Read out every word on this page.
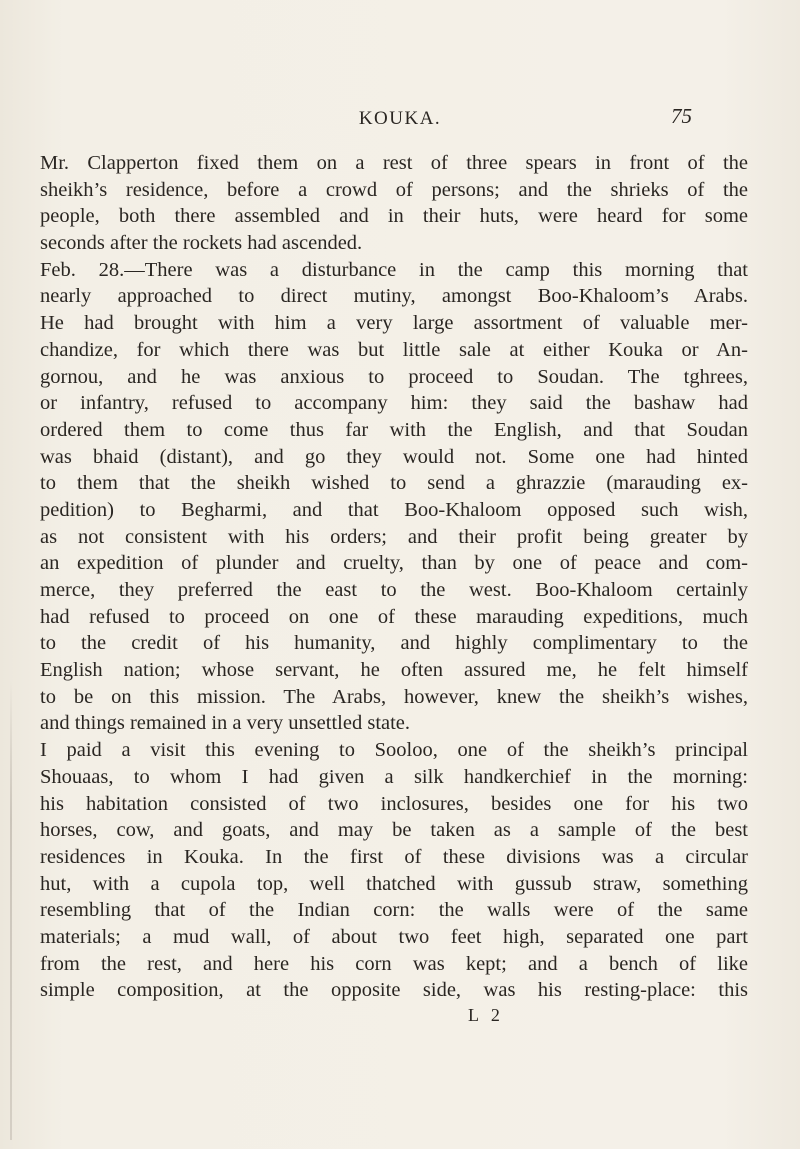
KOUKA.	75
Mr. Clapperton fixed them on a rest of three spears in front of the
sheikh’s residence, before a crowd of persons; and the shrieks of the
people, both there assembled and in their huts, were heard for some
seconds after the rockets had ascended.
Feb. 28.—There was a disturbance in the camp this morning that
nearly approached to direct mutiny, amongst Boo-Khaloom’s Arabs.
He had brought with him a very large assortment of valuable mer-
chandize, for which there was but little sale at either Kouka or An-
gornou, and he was anxious to proceed to Soudan. The tghrees,
or infantry, refused to accompany him: they said the bashaw had
ordered them to come thus far with the English, and that Soudan
was bhaid (distant), and go they would not. Some one had hinted
to them that the sheikh wished to send a ghrazzie (marauding ex-
pedition) to Begharmi, and that Boo-Khaloom opposed such wish,
as not consistent with his orders; and their profit being greater by
an expedition of plunder and cruelty, than by one of peace and com-
merce, they preferred the east to the west. Boo-Khaloom certainly
had refused to proceed on one of these marauding expeditions, much
to the credit of his humanity, and highly complimentary to the
English nation; whose servant, he often assured me, he felt himself
to be on this mission. The Arabs, however, knew the sheikh’s wishes,
and things remained in a very unsettled state.
I paid a visit this evening to Sooloo, one of the sheikh’s principal
Shouaas, to whom I had given a silk handkerchief in the morning:
his habitation consisted of two inclosures, besides one for his two
horses, cow, and goats, and may be taken as a sample of the best
residences in Kouka. In the first of these divisions was a circular
hut, with a cupola top, well thatched with gussub straw, something
resembling that of the Indian corn: the walls were of the same
materials; a mud wall, of about two feet high, separated one part
from the rest, and here his corn was kept; and a bench of like
simple composition, at the opposite side, was his resting-place: this
L 2
